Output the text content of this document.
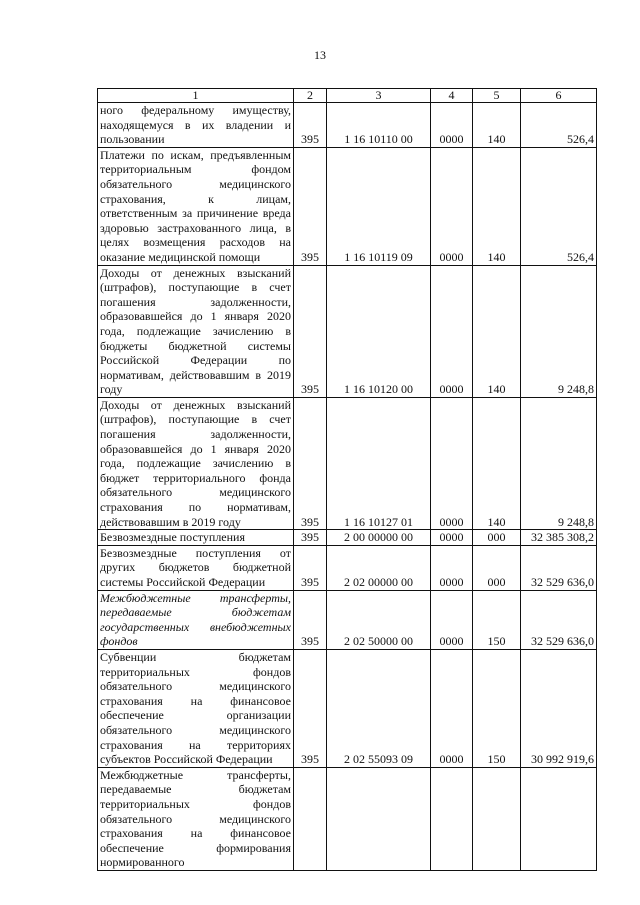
13
1	2	3	4	5	6
ного федеральному имуществу, находящемуся в их владении и пользовании	395	1 16 10110 00	0000	140	526,4
Платежи по искам, предъявленным территориальным фондом обязательного медицинского страхования, к лицам, ответственным за причинение вреда здоровью застрахованного лица, в целях возмещения расходов на оказание медицинской помощи	395	1 16 10119 09	0000	140	526,4
Доходы от денежных взысканий (штрафов), поступающие в счет погашения задолженности, образовавшейся до 1 января 2020 года, подлежащие зачислению в бюджеты бюджетной системы Российской Федерации по нормативам, действовавшим в 2019 году	395	1 16 10120 00	0000	140	9 248,8
Доходы от денежных взысканий (штрафов), поступающие в счет погашения задолженности, образовавшейся до 1 января 2020 года, подлежащие зачислению в бюджет территориального фонда обязательного медицинского страхования по нормативам, действовавшим в 2019 году	395	1 16 10127 01	0000	140	9 248,8
Безвозмездные поступления	395	2 00 00000 00	0000	000	32 385 308,2
Безвозмездные поступления от других бюджетов бюджетной системы Российской Федерации	395	2 02 00000 00	0000	000	32 529 636,0
Межбюджетные трансферты, передаваемые бюджетам государственных внебюджетных фондов	395	2 02 50000 00	0000	150	32 529 636,0
Субвенции бюджетам территориальных фондов обязательного медицинского страхования на финансовое обеспечение организации обязательного медицинского страхования на территориях субъектов Российской Федерации	395	2 02 55093 09	0000	150	30 992 919,6
Межбюджетные трансферты, передаваемые бюджетам территориальных фондов обязательного медицинского страхования на финансовое обеспечение формирования нормированного					
